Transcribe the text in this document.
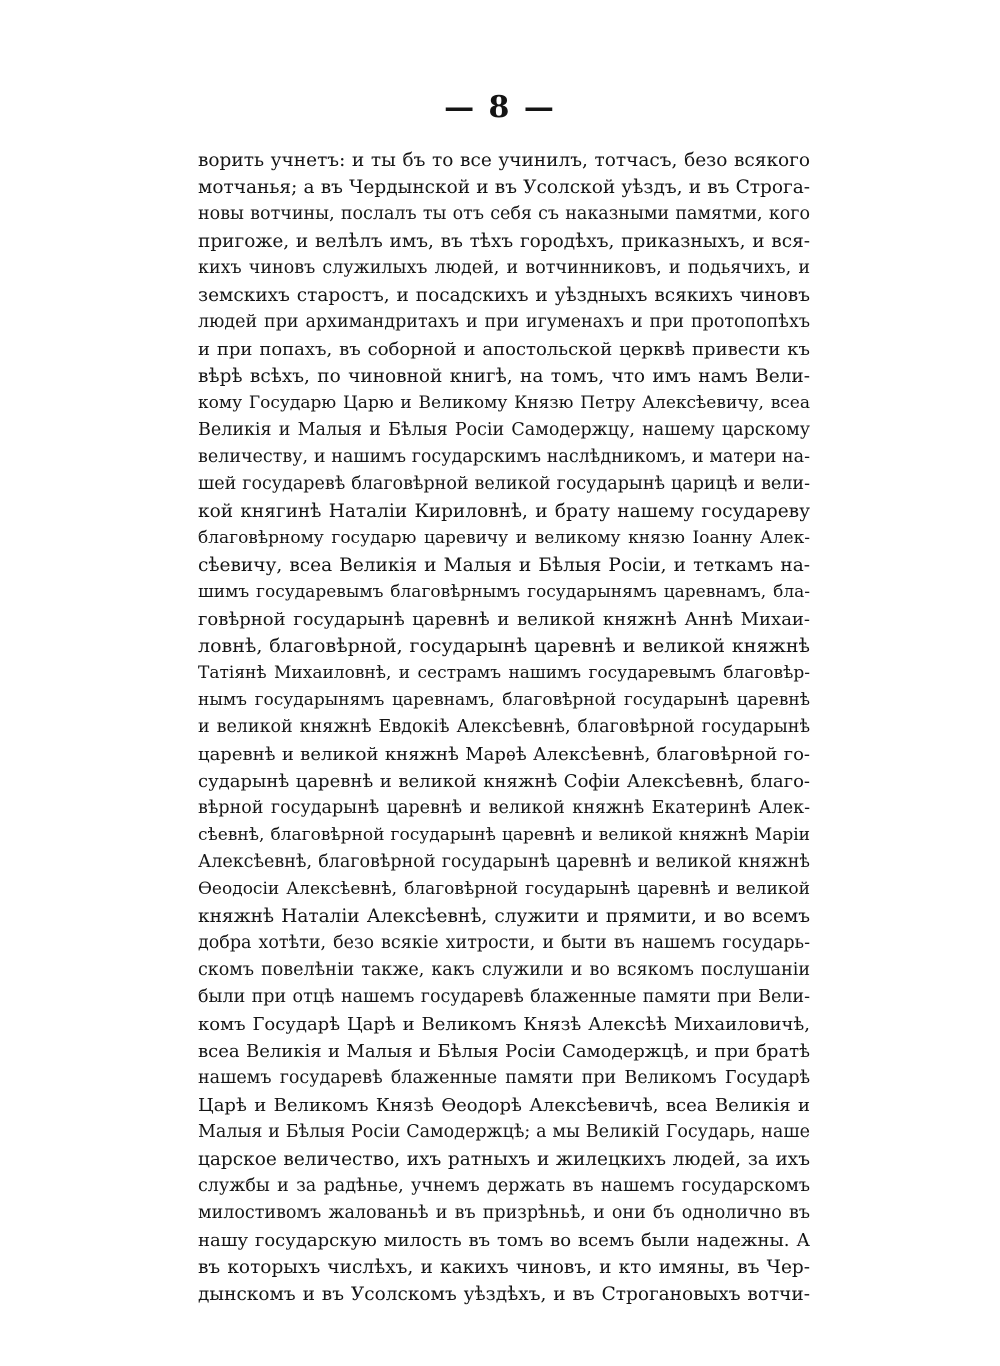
— 8 —
ворить учнетъ: и ты бъ то все учинилъ, тотчасъ, безо всякого
мотчанья; а въ Чердынской и въ Усолской уѣздъ, и въ Строга-
новы вотчины, послалъ ты отъ себя съ наказными памятми, кого
пригоже, и велѣлъ имъ, въ тѣхъ городѣхъ, приказныхъ, и вся-
кихъ чиновъ служилыхъ людей, и вотчинниковъ, и подьячихъ, и
земскихъ старостъ, и посадскихъ и уѣздныхъ всякихъ чиновъ
людей при архимандритахъ и при игуменахъ и при протопопѣхъ
и при попахъ, въ соборной и апостольской церквѣ привести къ
вѣрѣ всѣхъ, по чиновной книгѣ, на томъ, что имъ намъ Вели-
кому Государю Царю и Великому Князю Петру Алексѣевичу, всеа
Великія и Малыя и Бѣлыя Росіи Самодержцу, нашему царскому
величеству, и нашимъ государскимъ наслѣдникомъ, и матери на-
шей государевѣ благовѣрной великой государынѣ царицѣ и вели-
кой княгинѣ Наталіи Кириловнѣ, и брату нашему государеву
благовѣрному государю царевичу и великому князю Іоанну Алек-
сѣевичу, всеа Великія и Малыя и Бѣлыя Росіи, и теткамъ на-
шимъ государевымъ благовѣрнымъ государынямъ царевнамъ, бла-
говѣрной государынѣ царевнѣ и великой княжнѣ Аннѣ Михаи-
ловнѣ, благовѣрной, государынѣ царевнѣ и великой княжнѣ
Татіянѣ Михаиловнѣ, и сестрамъ нашимъ государевымъ благовѣр-
нымъ государынямъ царевнамъ, благовѣрной государынѣ царевнѣ
и великой княжнѣ Евдокіѣ Алексѣевнѣ, благовѣрной государынѣ
царевнѣ и великой княжнѣ Марѳѣ Алексѣевнѣ, благовѣрной го-
сударынѣ царевнѣ и великой княжнѣ Софіи Алексѣевнѣ, благо-
вѣрной государынѣ царевнѣ и великой княжнѣ Екатеринѣ Алек-
сѣевнѣ, благовѣрной государынѣ царевнѣ и великой княжнѣ Маріи
Алексѣевнѣ, благовѣрной государынѣ царевнѣ и великой княжнѣ
Ѳеодосіи Алексѣевнѣ, благовѣрной государынѣ царевнѣ и великой
княжнѣ Наталіи Алексѣевнѣ, служити и прямити, и во всемъ
добра хотѣти, безо всякіе хитрости, и быти въ нашемъ государь-
скомъ повелѣніи также, какъ служили и во всякомъ послушаніи
были при отцѣ нашемъ государевѣ блаженные памяти при Вели-
комъ Государѣ Царѣ и Великомъ Князѣ Алексѣѣ Михаиловичѣ,
всеа Великія и Малыя и Бѣлыя Росіи Самодержцѣ, и при братѣ
нашемъ государевѣ блаженные памяти при Великомъ Государѣ
Царѣ и Великомъ Князѣ Ѳеодорѣ Алексѣевичѣ, всеа Великія и
Малыя и Бѣлыя Росіи Самодержцѣ; а мы Великій Государь, наше
царское величество, ихъ ратныхъ и жилецкихъ людей, за ихъ
службы и за радѣнье, учнемъ держать въ нашемъ государскомъ
милостивомъ жалованьѣ и въ призрѣньѣ, и они бъ однолично въ
нашу государскую милость въ томъ во всемъ были надежны. А
въ которыхъ числѣхъ, и какихъ чиновъ, и кто имяны, въ Чер-
дынскомъ и въ Усолскомъ уѣздѣхъ, и въ Строгановыхъ вотчи-
